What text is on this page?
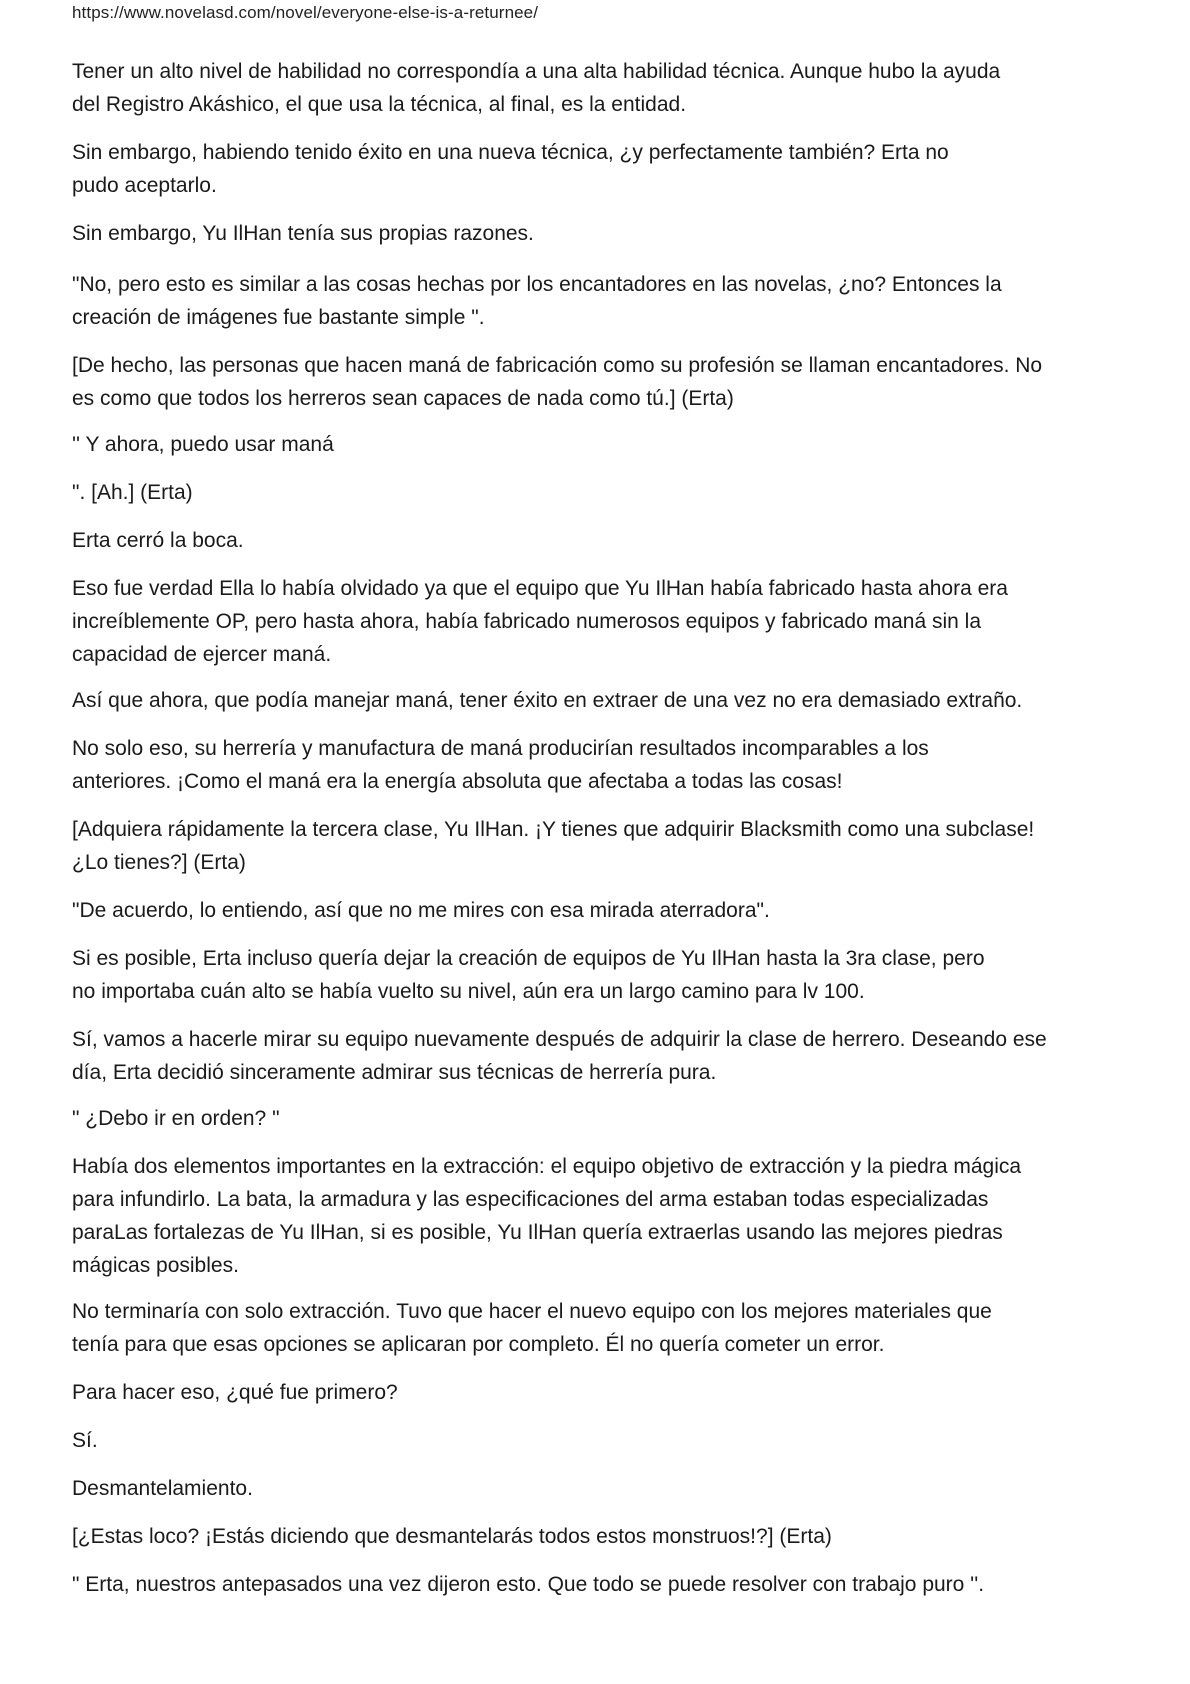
https://www.novelasd.com/novel/everyone-else-is-a-returnee/

Tener un alto nivel de habilidad no correspondía a una alta habilidad técnica. Aunque hubo la ayuda
del Registro Akáshico, el que usa la técnica, al final, es la entidad.

Sin embargo, habiendo tenido éxito en una nueva técnica, ¿y perfectamente también? Erta no
pudo aceptarlo.

Sin embargo, Yu IlHan tenía sus propias razones.

"No, pero esto es similar a las cosas hechas por los encantadores en las novelas, ¿no? Entonces la
creación de imágenes fue bastante simple ".

[De hecho, las personas que hacen maná de fabricación como su profesión se llaman encantadores. No
es como que todos los herreros sean capaces de nada como tú.] (Erta)

'' Y ahora, puedo usar maná

". [Ah.] (Erta)

Erta cerró la boca.

Eso fue verdad Ella lo había olvidado ya que el equipo que Yu IlHan había fabricado hasta ahora era
increíblemente OP, pero hasta ahora, había fabricado numerosos equipos y fabricado maná sin la
capacidad de ejercer maná.

Así que ahora, que podía manejar maná, tener éxito en extraer de una vez no era demasiado extraño.

No solo eso, su herrería y manufactura de maná producirían resultados incomparables a los
anteriores. ¡Como el maná era la energía absoluta que afectaba a todas las cosas!

[Adquiera rápidamente la tercera clase, Yu IlHan. ¡Y tienes que adquirir Blacksmith como una subclase!
¿Lo tienes?] (Erta)

"De acuerdo, lo entiendo, así que no me mires con esa mirada aterradora".

Si es posible, Erta incluso quería dejar la creación de equipos de Yu IlHan hasta la 3ra clase, pero
no importaba cuán alto se había vuelto su nivel, aún era un largo camino para lv 100.

Sí, vamos a hacerle mirar su equipo nuevamente después de adquirir la clase de herrero. Deseando ese
día, Erta decidió sinceramente admirar sus técnicas de herrería pura.

" ¿Debo ir en orden? "

Había dos elementos importantes en la extracción: el equipo objetivo de extracción y la piedra mágica
para infundirlo. La bata, la armadura y las especificaciones del arma estaban todas especializadas
paraLas fortalezas de Yu IlHan, si es posible, Yu IlHan quería extraerlas usando las mejores piedras
mágicas posibles.

No terminaría con solo extracción. Tuvo que hacer el nuevo equipo con los mejores materiales que
tenía para que esas opciones se aplicaran por completo. Él no quería cometer un error.

Para hacer eso, ¿qué fue primero?

Sí.

Desmantelamiento.

[¿Estas loco? ¡Estás diciendo que desmantelarás todos estos monstruos!?] (Erta)

" Erta, nuestros antepasados una vez dijeron esto. Que todo se puede resolver con trabajo puro ''.
